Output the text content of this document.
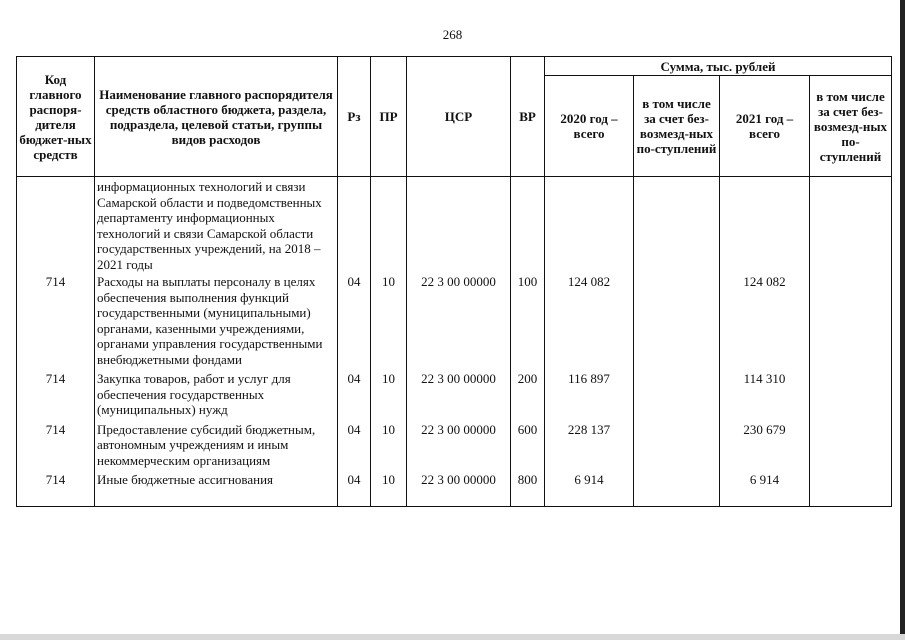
268
Код главного распоря-дителя бюджет-ных средств	Наименование главного распорядителя средств областного бюджета, раздела, подраздела, целевой статьи, группы видов расходов	Рз	ПР	ЦСР	ВР	Сумма, тыс. рублей			
						2020 год – всего	в том числе за счет без-возмезд-ных по-ступлений	2021 год – всего	в том числе за счет без-возмезд-ных по-ступлений
	информационных технологий и связи Самарской области и подведомственных департаменту информационных технологий и связи Самарской области государственных учреждений, на 2018 – 2021 годы								
714	Расходы на выплаты персоналу в целях обеспечения выполнения функций государственными (муниципальными) органами, казенными учреждениями, органами управления государственными внебюджетными фондами	04	10	22 3 00 00000	100	124 082		124 082	
714	Закупка товаров, работ и услуг для обеспечения государственных (муниципальных) нужд	04	10	22 3 00 00000	200	116 897		114 310	
714	Предоставление субсидий бюджетным, автономным учреждениям и иным некоммерческим организациям	04	10	22 3 00 00000	600	228 137		230 679	
714	Иные бюджетные ассигнования	04	10	22 3 00 00000	800	6 914		6 914	
